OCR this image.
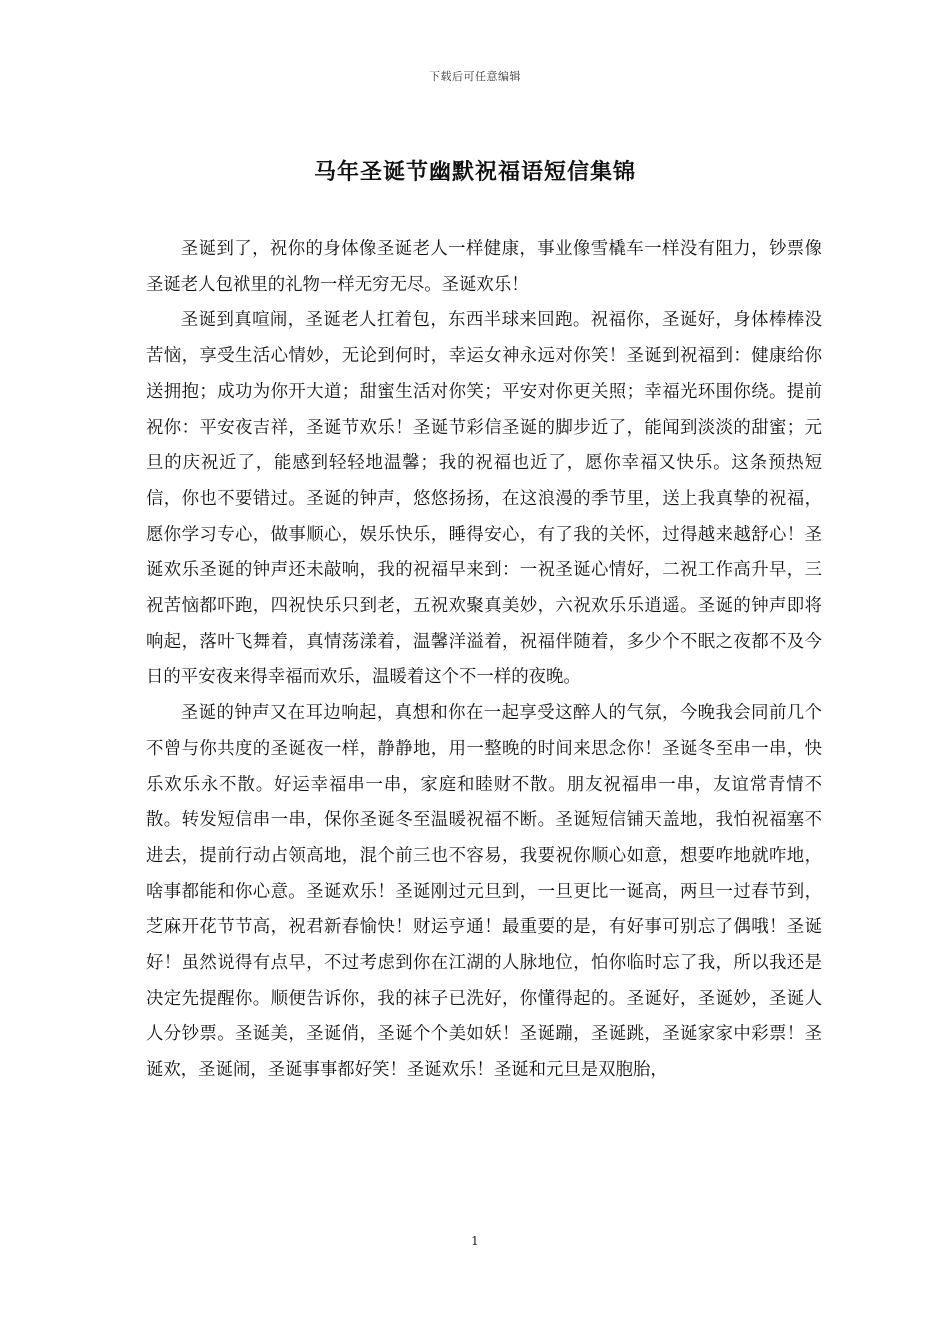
下载后可任意编辑
马年圣诞节幽默祝福语短信集锦

圣诞到了，祝你的身体像圣诞老人一样健康，事业像雪橇车一样没有阻力，钞票像圣诞老人包袱里的礼物一样无穷无尽。圣诞欢乐！

圣诞到真喧闹，圣诞老人扛着包，东西半球来回跑。祝福你，圣诞好，身体棒棒没苦恼，享受生活心情妙，无论到何时，幸运女神永远对你笑！圣诞到祝福到：健康给你送拥抱；成功为你开大道；甜蜜生活对你笑；平安对你更关照；幸福光环围你绕。提前祝你：平安夜吉祥，圣诞节欢乐！圣诞节彩信圣诞的脚步近了，能闻到淡淡的甜蜜；元旦的庆祝近了，能感到轻轻地温馨；我的祝福也近了，愿你幸福又快乐。这条预热短信，你也不要错过。圣诞的钟声，悠悠扬扬，在这浪漫的季节里，送上我真挚的祝福，愿你学习专心，做事顺心，娱乐快乐，睡得安心，有了我的关怀，过得越来越舒心！圣诞欢乐圣诞的钟声还未敲响，我的祝福早来到：一祝圣诞心情好，二祝工作高升早，三祝苦恼都吓跑，四祝快乐只到老，五祝欢聚真美妙，六祝欢乐乐逍遥。圣诞的钟声即将响起，落叶飞舞着，真情荡漾着，温馨洋溢着，祝福伴随着，多少个不眠之夜都不及今日的平安夜来得幸福而欢乐，温暖着这个不一样的夜晚。

圣诞的钟声又在耳边响起，真想和你在一起享受这醉人的气氛，今晚我会同前几个不曾与你共度的圣诞夜一样，静静地，用一整晚的时间来思念你！圣诞冬至串一串，快乐欢乐永不散。好运幸福串一串，家庭和睦财不散。朋友祝福串一串，友谊常青情不散。转发短信串一串，保你圣诞冬至温暖祝福不断。圣诞短信铺天盖地，我怕祝福塞不进去，提前行动占领高地，混个前三也不容易，我要祝你顺心如意，想要咋地就咋地，啥事都能和你心意。圣诞欢乐！圣诞刚过元旦到，一旦更比一诞高，两旦一过春节到，芝麻开花节节高，祝君新春愉快！财运亨通！最重要的是，有好事可别忘了偶哦！圣诞好！虽然说得有点早，不过考虑到你在江湖的人脉地位，怕你临时忘了我，所以我还是决定先提醒你。顺便告诉你，我的袜子已洗好，你懂得起的。圣诞好，圣诞妙，圣诞人人分钞票。圣诞美，圣诞俏，圣诞个个美如妖！圣诞蹦，圣诞跳，圣诞家家中彩票！圣诞欢，圣诞闹，圣诞事事都好笑！圣诞欢乐！圣诞和元旦是双胞胎，

1
